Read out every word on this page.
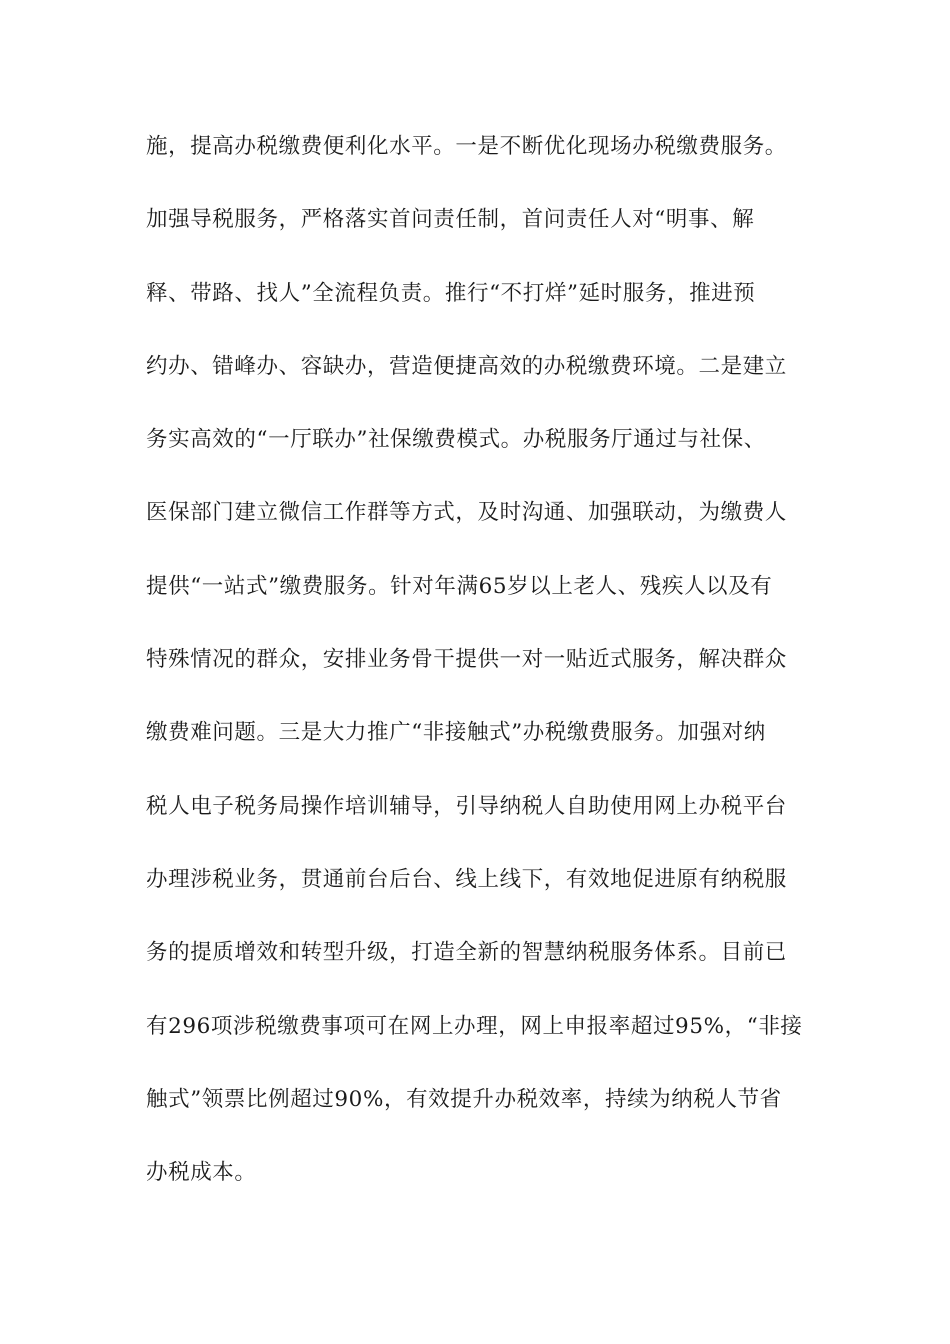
施，提高办税缴费便利化水平。一是不断优化现场办税缴费服务。
加强导税服务，严格落实首问责任制，首问责任人对“明事、解
释、带路、找人”全流程负责。推行“不打烊”延时服务，推进预
约办、错峰办、容缺办，营造便捷高效的办税缴费环境。二是建立
务实高效的“一厅联办”社保缴费模式。办税服务厅通过与社保、
医保部门建立微信工作群等方式，及时沟通、加强联动，为缴费人
提供“一站式”缴费服务。针对年满65岁以上老人、残疾人以及有
特殊情况的群众，安排业务骨干提供一对一贴近式服务，解决群众
缴费难问题。三是大力推广“非接触式”办税缴费服务。加强对纳
税人电子税务局操作培训辅导，引导纳税人自助使用网上办税平台
办理涉税业务，贯通前台后台、线上线下，有效地促进原有纳税服
务的提质增效和转型升级，打造全新的智慧纳税服务体系。目前已
有296项涉税缴费事项可在网上办理，网上申报率超过95%，“非接
触式”领票比例超过90%，有效提升办税效率，持续为纳税人节省
办税成本。
